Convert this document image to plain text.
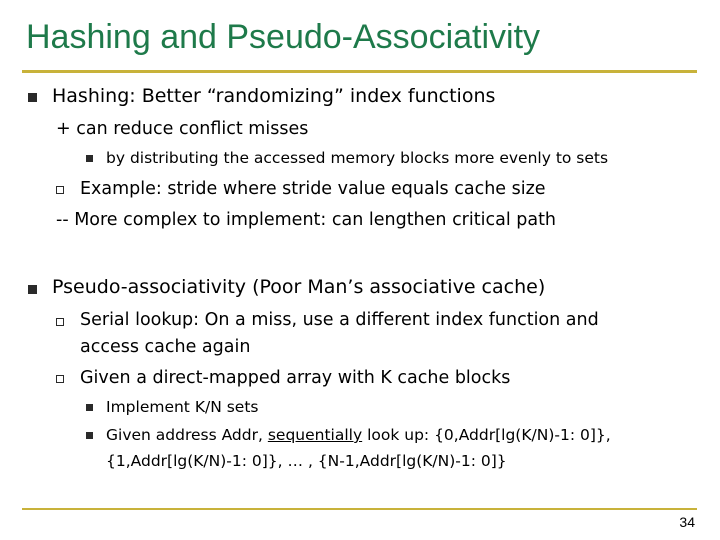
Hashing and Pseudo-Associativity
Hashing: Better “randomizing” index functions
+ can reduce conflict misses
by distributing the accessed memory blocks more evenly to sets
Example: stride where stride value equals cache size
-- More complex to implement: can lengthen critical path
Pseudo-associativity (Poor Man’s associative cache)
Serial lookup: On a miss, use a different index function and
access cache again
Given a direct-mapped array with K cache blocks
Implement K/N sets
Given address Addr, sequentially look up: {0,Addr[lg(K/N)-1: 0]},
{1,Addr[lg(K/N)-1: 0]}, … , {N-1,Addr[lg(K/N)-1: 0]}
34
